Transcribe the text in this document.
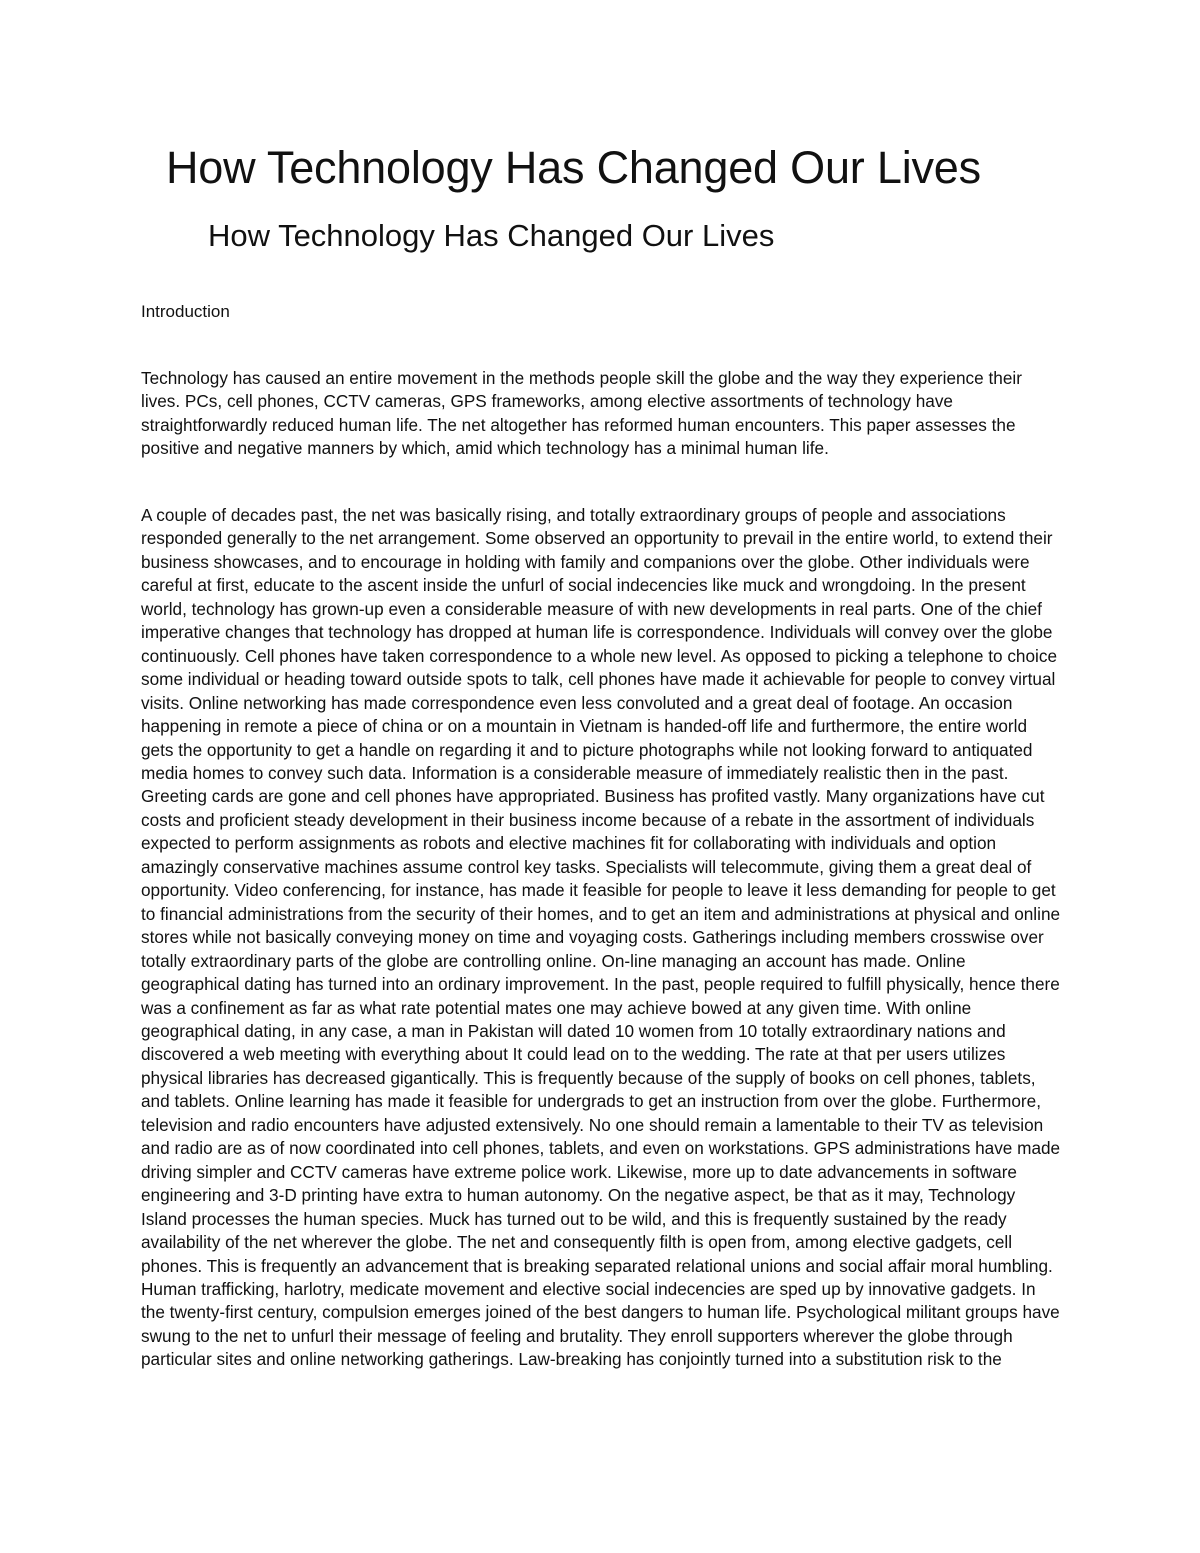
How Technology Has Changed Our Lives
How Technology Has Changed Our Lives
Introduction

Technology has caused an entire movement in the methods people skill the globe and the way they experience their lives. PCs, cell phones, CCTV cameras, GPS frameworks, among elective assortments of technology have straightforwardly reduced human life. The net altogether has reformed human encounters. This paper assesses the positive and negative manners by which, amid which technology has a minimal human life.

A couple of decades past, the net was basically rising, and totally extraordinary groups of people and associations responded generally to the net arrangement. Some observed an opportunity to prevail in the entire world, to extend their business showcases, and to encourage in holding with family and companions over the globe. Other individuals were careful at first, educate to the ascent inside the unfurl of social indecencies like muck and wrongdoing. In the present world, technology has grown-up even a considerable measure of with new developments in real parts. One of the chief imperative changes that technology has dropped at human life is correspondence. Individuals will convey over the globe continuously. Cell phones have taken correspondence to a whole new level. As opposed to picking a telephone to choice some individual or heading toward outside spots to talk, cell phones have made it achievable for people to convey virtual visits. Online networking has made correspondence even less convoluted and a great deal of footage. An occasion happening in remote a piece of china or on a mountain in Vietnam is handed-off life and furthermore, the entire world gets the opportunity to get a handle on regarding it and to picture photographs while not looking forward to antiquated media homes to convey such data. Information is a considerable measure of immediately realistic then in the past. Greeting cards are gone and cell phones have appropriated. Business has profited vastly. Many organizations have cut costs and proficient steady development in their business income because of a rebate in the assortment of individuals expected to perform assignments as robots and elective machines fit for collaborating with individuals and option amazingly conservative machines assume control key tasks. Specialists will telecommute, giving them a great deal of opportunity. Video conferencing, for instance, has made it feasible for people to leave it less demanding for people to get to financial administrations from the security of their homes, and to get an item and administrations at physical and online stores while not basically conveying money on time and voyaging costs. Gatherings including members crosswise over totally extraordinary parts of the globe are controlling online. On-line managing an account has made. Online geographical dating has turned into an ordinary improvement. In the past, people required to fulfill physically, hence there was a confinement as far as what rate potential mates one may achieve bowed at any given time. With online geographical dating, in any case, a man in Pakistan will dated 10 women from 10 totally extraordinary nations and discovered a web meeting with everything about It could lead on to the wedding. The rate at that per users utilizes physical libraries has decreased gigantically. This is frequently because of the supply of books on cell phones, tablets, and tablets. Online learning has made it feasible for undergrads to get an instruction from over the globe. Furthermore, television and radio encounters have adjusted extensively. No one should remain a lamentable to their TV as television and radio are as of now coordinated into cell phones, tablets, and even on workstations. GPS administrations have made driving simpler and CCTV cameras have extreme police work. Likewise, more up to date advancements in software engineering and 3-D printing have extra to human autonomy. On the negative aspect, be that as it may, Technology Island processes the human species. Muck has turned out to be wild, and this is frequently sustained by the ready availability of the net wherever the globe. The net and consequently filth is open from, among elective gadgets, cell phones. This is frequently an advancement that is breaking separated relational unions and social affair moral humbling. Human trafficking, harlotry, medicate movement and elective social indecencies are sped up by innovative gadgets. In the twenty-first century, compulsion emerges joined of the best dangers to human life. Psychological militant groups have swung to the net to unfurl their message of feeling and brutality. They enroll supporters wherever the globe through particular sites and online networking gatherings. Law-breaking has conjointly turned into a substitution risk to the
